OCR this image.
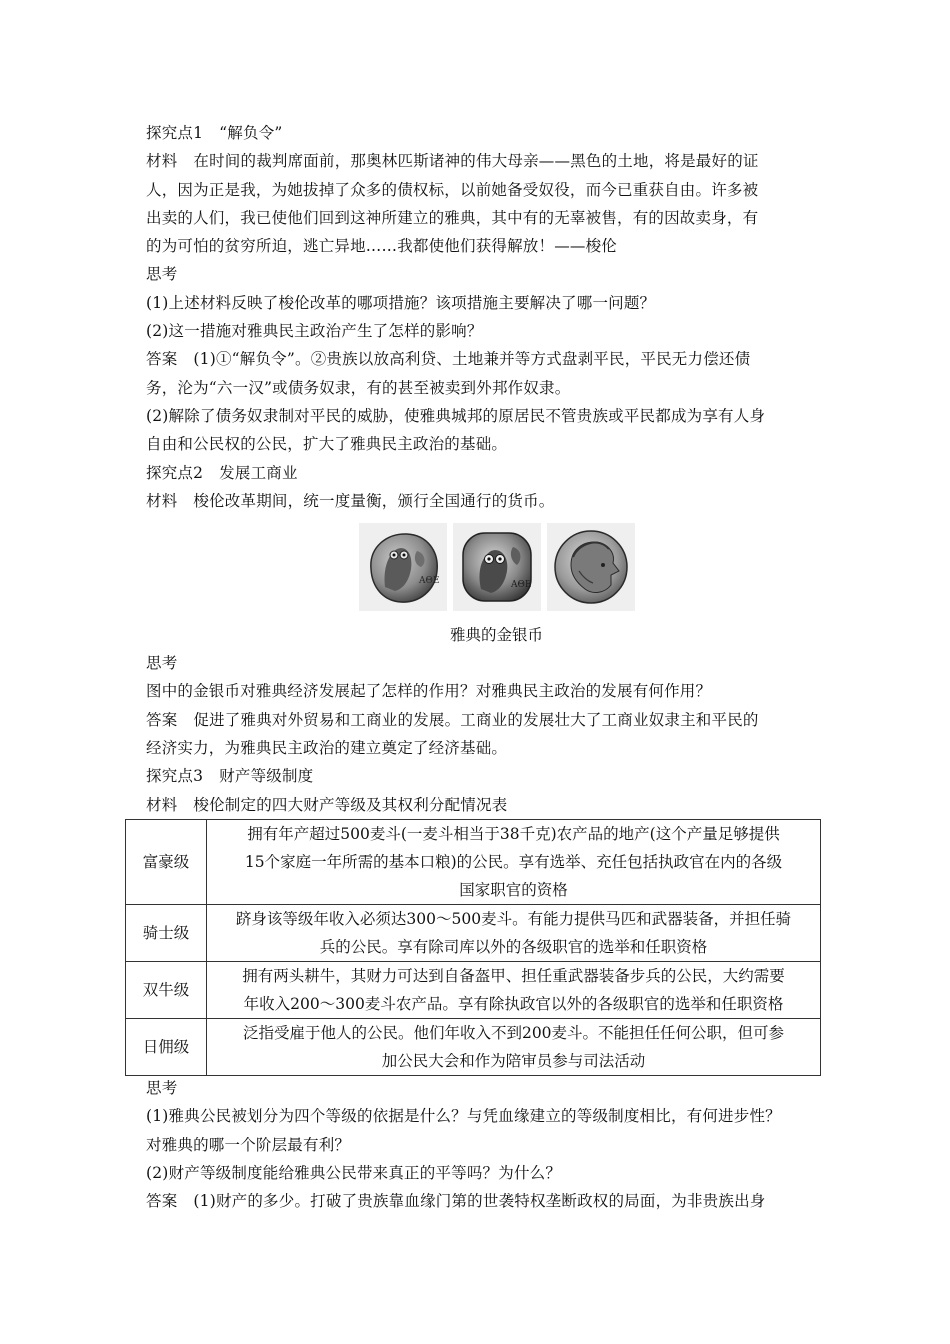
探究点1 “解负令”
材料 在时间的裁判席面前，那奥林匹斯诸神的伟大母亲——黑色的土地，将是最好的证
人，因为正是我，为她拔掉了众多的债权标，以前她备受奴役，而今已重获自由。许多被
出卖的人们，我已使他们回到这神所建立的雅典，其中有的无辜被售，有的因故卖身，有
的为可怕的贫穷所迫，逃亡异地……我都使他们获得解放！——梭伦
思考
(1)上述材料反映了梭伦改革的哪项措施？该项措施主要解决了哪一问题？
(2)这一措施对雅典民主政治产生了怎样的影响？
答案 (1)①“解负令”。②贵族以放高利贷、土地兼并等方式盘剥平民，平民无力偿还债
务，沦为“六一汉”或债务奴隶，有的甚至被卖到外邦作奴隶。
(2)解除了债务奴隶制对平民的威胁，使雅典城邦的原居民不管贵族或平民都成为享有人身
自由和公民权的公民，扩大了雅典民主政治的基础。
探究点2 发展工商业
材料 梭伦改革期间，统一度量衡，颁行全国通行的货币。
ΑΘΕ	ΑΘΕ
雅典的金银币
思考
图中的金银币对雅典经济发展起了怎样的作用？对雅典民主政治的发展有何作用？
答案 促进了雅典对外贸易和工商业的发展。工商业的发展壮大了工商业奴隶主和平民的
经济实力，为雅典民主政治的建立奠定了经济基础。
探究点3 财产等级制度
材料 梭伦制定的四大财产等级及其权利分配情况表
富豪级	拥有年产超过500麦斗(一麦斗相当于38千克)农产品的地产(这个产量足够提供
15个家庭一年所需的基本口粮)的公民。享有选举、充任包括执政官在内的各级
国家职官的资格

骑士级	跻身该等级年收入必须达300～500麦斗。有能力提供马匹和武器装备，并担任骑
兵的公民。享有除司库以外的各级职官的选举和任职资格

双牛级	拥有两头耕牛，其财力可达到自备盔甲、担任重武器装备步兵的公民，大约需要
年收入200～300麦斗农产品。享有除执政官以外的各级职官的选举和任职资格

日佣级	泛指受雇于他人的公民。他们年收入不到200麦斗。不能担任任何公职，但可参
加公民大会和作为陪审员参与司法活动
思考
(1)雅典公民被划分为四个等级的依据是什么？与凭血缘建立的等级制度相比，有何进步性？
对雅典的哪一个阶层最有利？
(2)财产等级制度能给雅典公民带来真正的平等吗？为什么？
答案 (1)财产的多少。打破了贵族靠血缘门第的世袭特权垄断政权的局面，为非贵族出身
